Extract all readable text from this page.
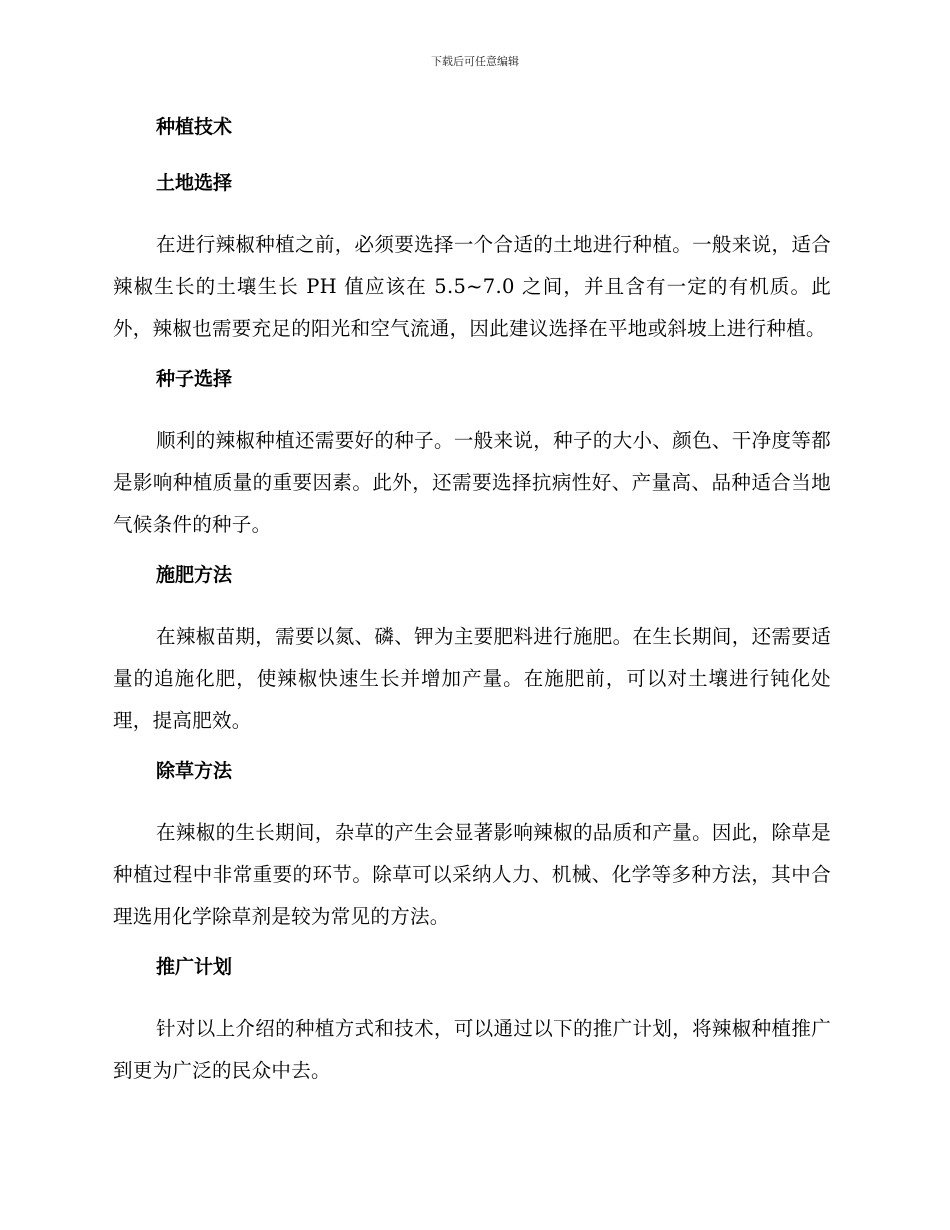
下载后可任意编辑
种植技术
土地选择

在进行辣椒种植之前，必须要选择一个合适的土地进行种植。一般来说，适合辣椒生长的土壤生长 PH 值应该在 5.5~7.0 之间，并且含有一定的有机质。此外，辣椒也需要充足的阳光和空气流通，因此建议选择在平地或斜坡上进行种植。

种子选择

顺利的辣椒种植还需要好的种子。一般来说，种子的大小、颜色、干净度等都是影响种植质量的重要因素。此外，还需要选择抗病性好、产量高、品种适合当地气候条件的种子。

施肥方法

在辣椒苗期，需要以氮、磷、钾为主要肥料进行施肥。在生长期间，还需要适量的追施化肥，使辣椒快速生长并增加产量。在施肥前，可以对土壤进行钝化处理，提高肥效。

除草方法

在辣椒的生长期间，杂草的产生会显著影响辣椒的品质和产量。因此，除草是种植过程中非常重要的环节。除草可以采纳人力、机械、化学等多种方法，其中合理选用化学除草剂是较为常见的方法。

推广计划

针对以上介绍的种植方式和技术，可以通过以下的推广计划，将辣椒种植推广到更为广泛的民众中去。
